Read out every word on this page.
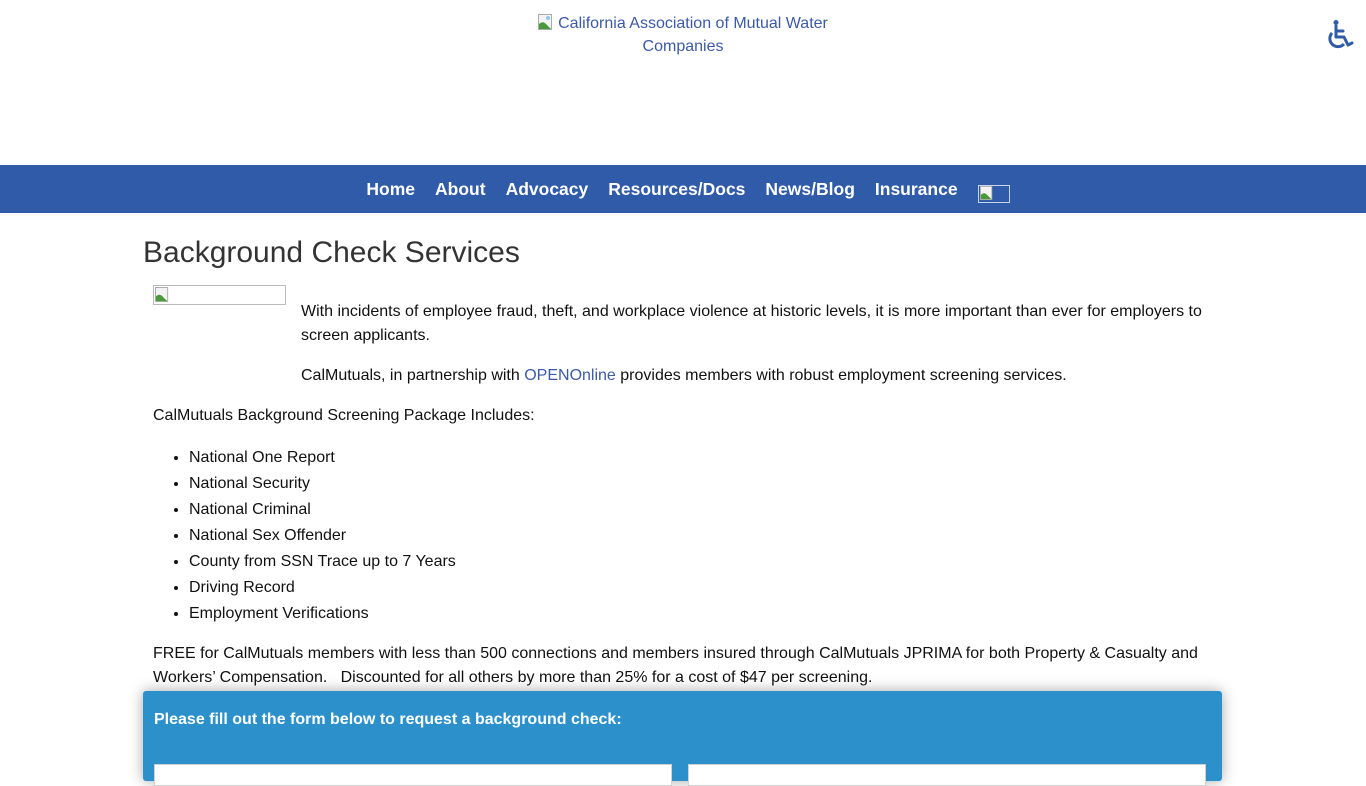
California Association of Mutual Water Companies
Home About Advocacy Resources/Docs News/Blog Insurance
Background Check Services
With incidents of employee fraud, theft, and workplace violence at historic levels, it is more important than ever for employers to screen applicants.
CalMutuals, in partnership with OPENOnline provides members with robust employment screening services.
CalMutuals Background Screening Package Includes:
• National One Report
• National Security
• National Criminal
• National Sex Offender
• County from SSN Trace up to 7 Years
• Driving Record
• Employment Verifications
FREE for CalMutuals members with less than 500 connections and members insured through CalMutuals JPRIMA for both Property & Casualty and Workers’ Compensation.   Discounted for all others by more than 25% for a cost of $47 per screening.
Please fill out the form below to request a background check:
